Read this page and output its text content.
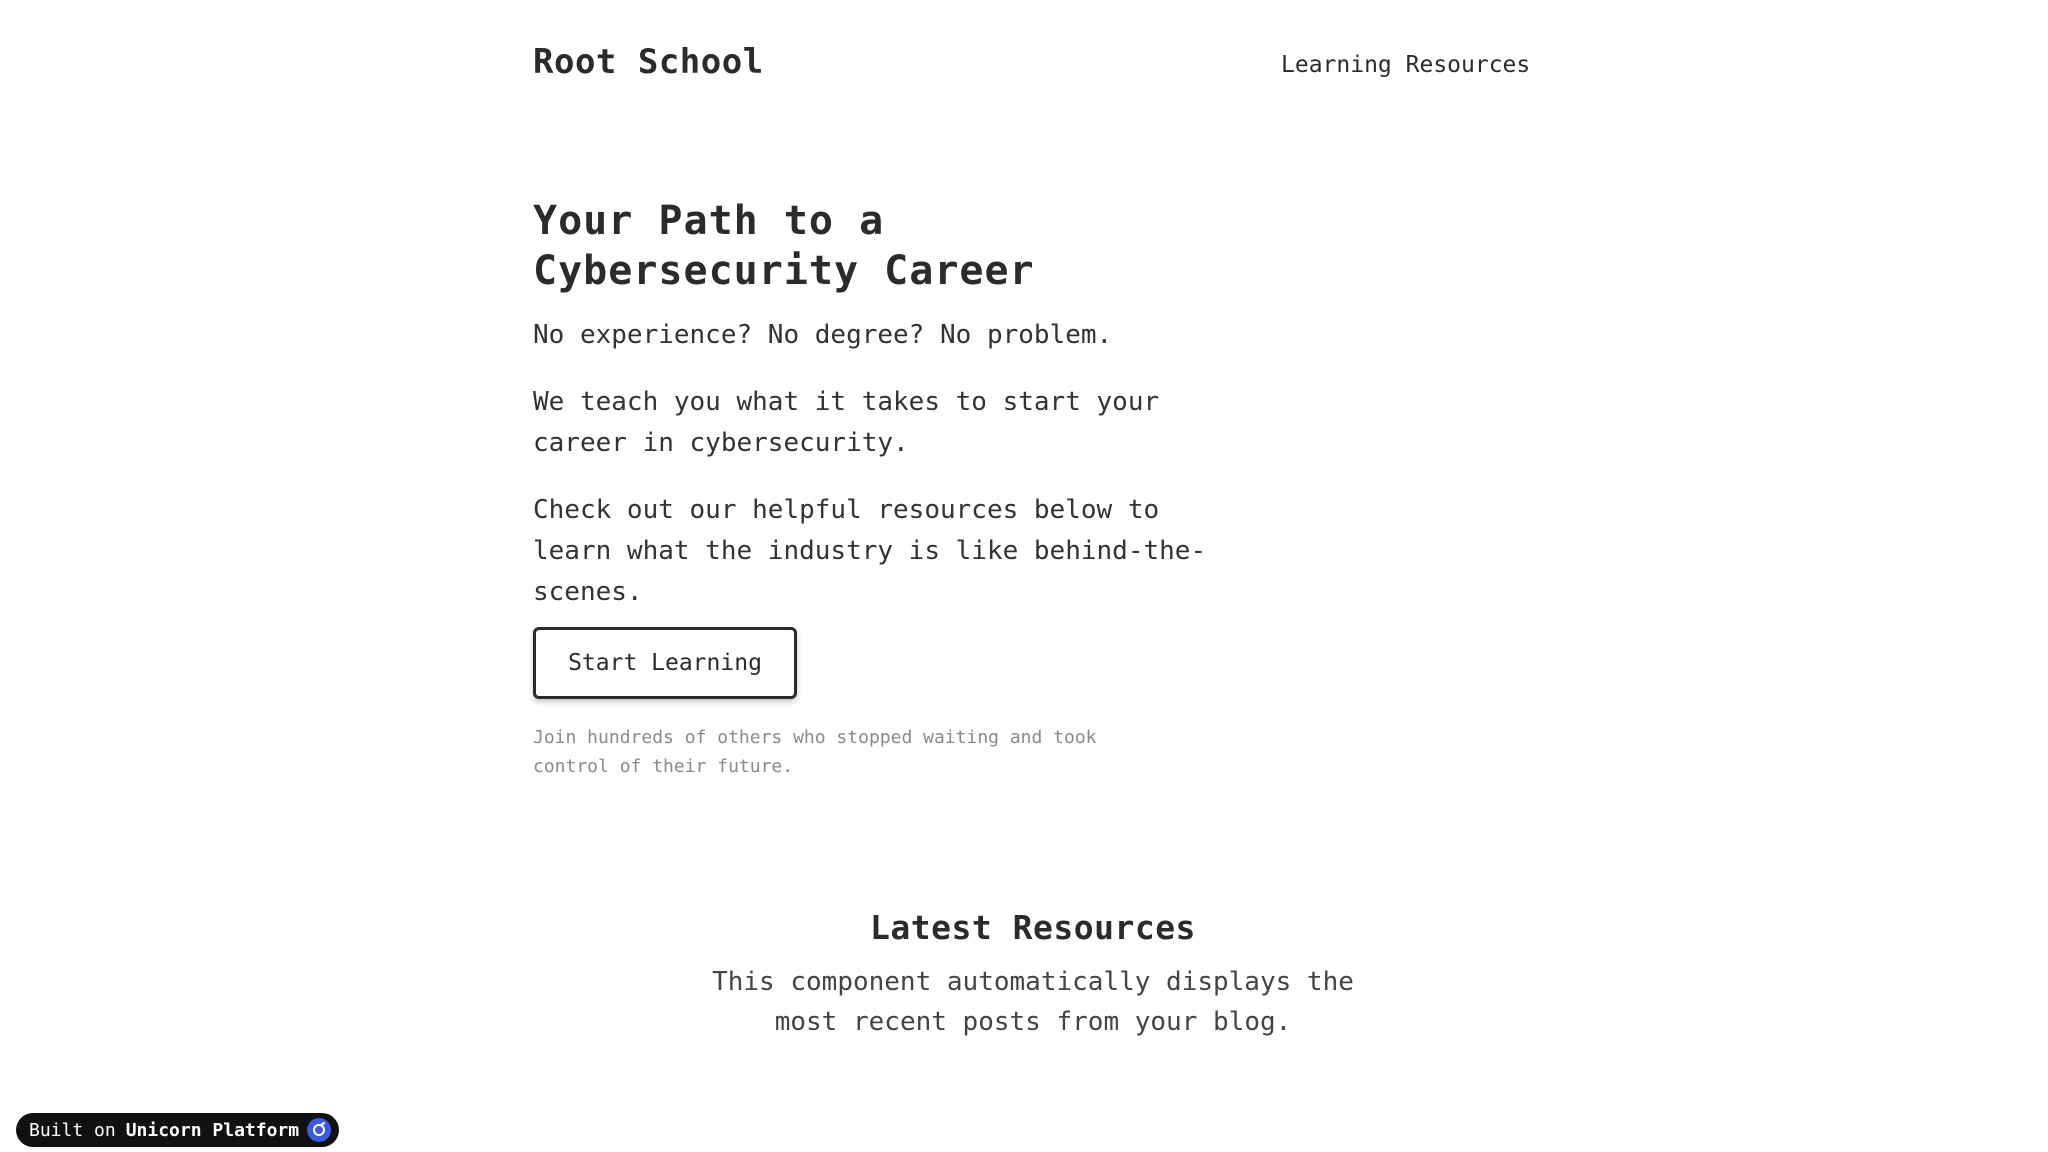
Root School	Learning Resources
Your Path to a Cybersecurity Career

No experience? No degree? No problem.

We teach you what it takes to start your career in cybersecurity.

Check out our helpful resources below to learn what the industry is like behind-the-scenes.

Start Learning
Join hundreds of others who stopped waiting and took control of their future.
Latest Resources

This component automatically displays the most recent posts from your blog.

Built on Unicorn Platform
